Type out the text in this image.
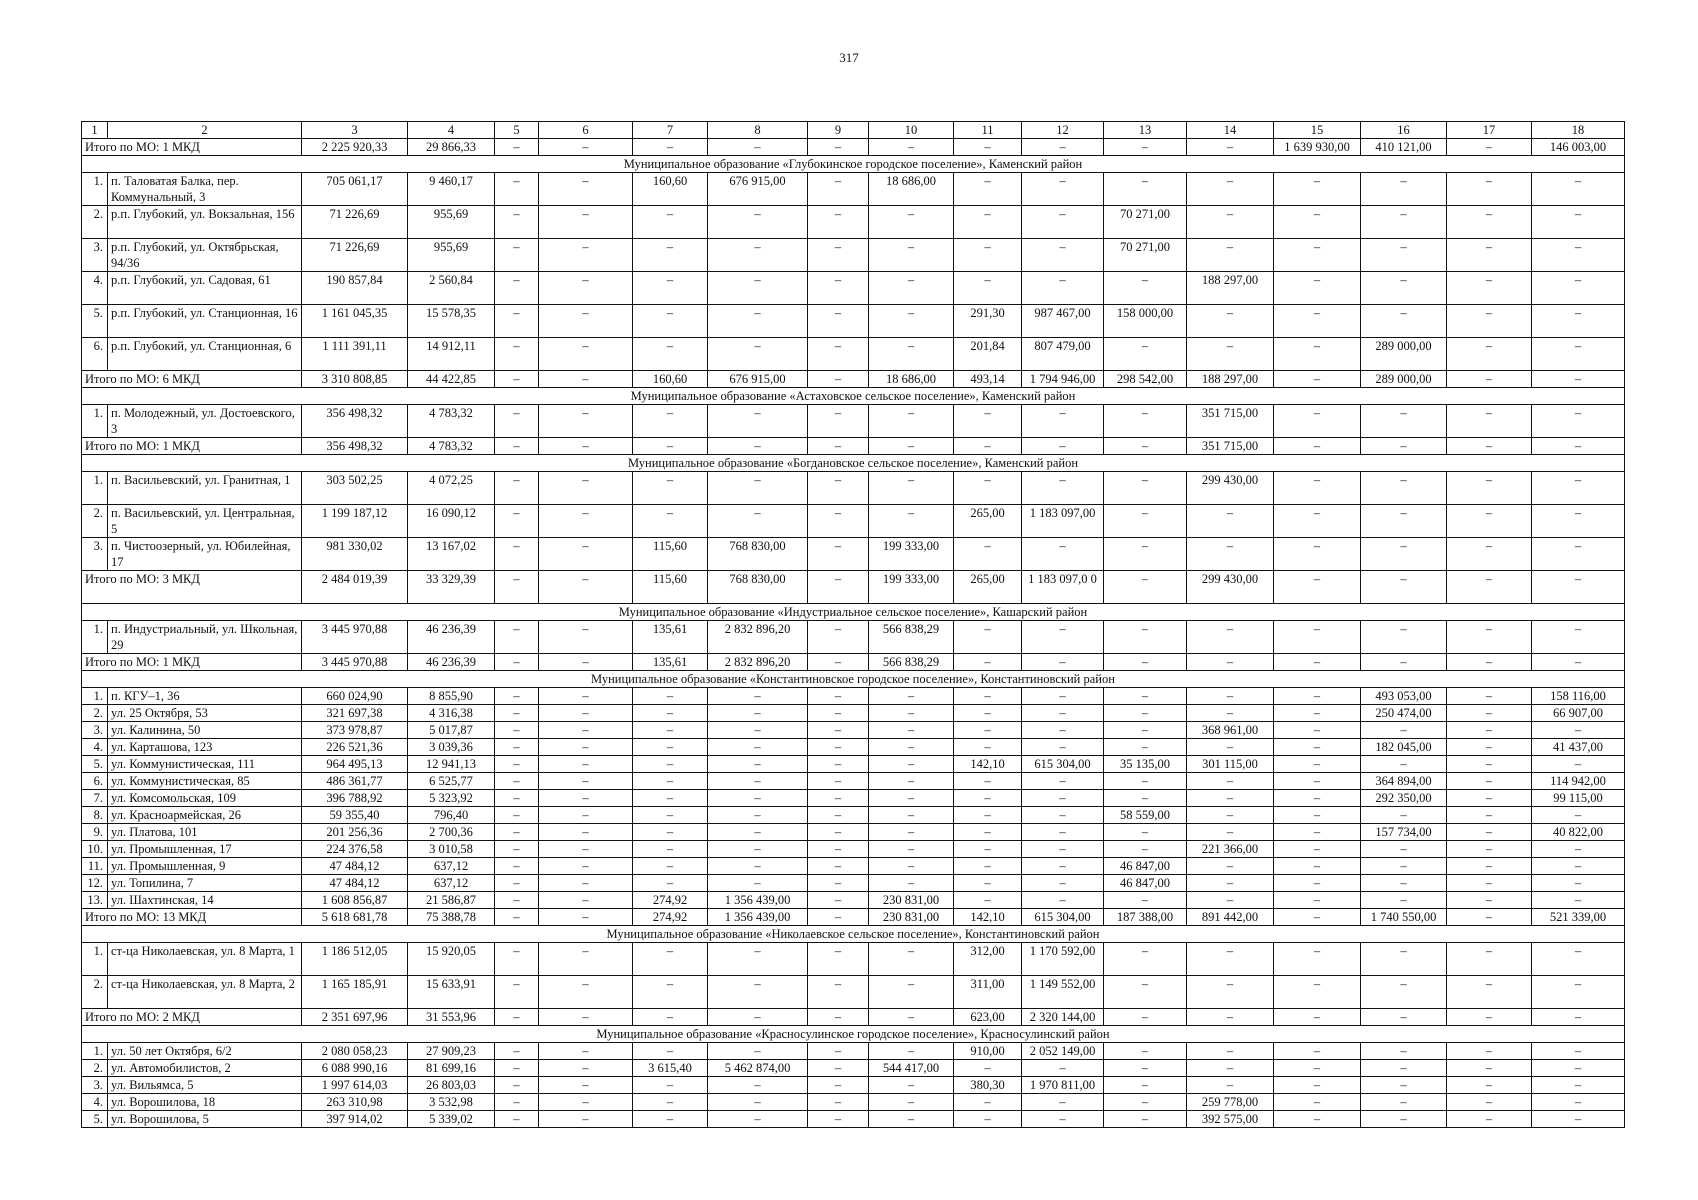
317
1	2	3	4	5	6	7	8	9	10	11	12	13	14	15	16	17	18
Итого по МО: 1 МКД		2 225 920,33	29 866,33	–	–	–	–	–	–	–	–	–	–	1 639 930,00	410 121,00	–	146 003,00
Муниципальное образование «Глубокинское городское поселение», Каменский район																	
1.	п. Таловатая Балка, пер. Коммунальный, 3	705 061,17	9 460,17	–	–	160,60	676 915,00	–	18 686,00	–	–	–	–	–	–	–	–
2.	р.п. Глубокий, ул. Вокзальная, 156	71 226,69	955,69	–	–	–	–	–	–	–	–	70 271,00	–	–	–	–	–
3.	р.п. Глубокий, ул. Октябрьская, 94/36	71 226,69	955,69	–	–	–	–	–	–	–	–	70 271,00	–	–	–	–	–
4.	р.п. Глубокий, ул. Садовая, 61	190 857,84	2 560,84	–	–	–	–	–	–	–	–	–	188 297,00	–	–	–	–
5.	р.п. Глубокий, ул. Станционная, 16	1 161 045,35	15 578,35	–	–	–	–	–	–	291,30	987 467,00	158 000,00	–	–	–	–	–
6.	р.п. Глубокий, ул. Станционная, 6	1 111 391,11	14 912,11	–	–	–	–	–	–	201,84	807 479,00	–	–	–	289 000,00	–	–
Итого по МО: 6 МКД		3 310 808,85	44 422,85	–	–	160,60	676 915,00	–	18 686,00	493,14	1 794 946,00	298 542,00	188 297,00	–	289 000,00	–	–
Муниципальное образование «Астаховское сельское поселение», Каменский район																	
1.	п. Молодежный, ул. Достоевского, 3	356 498,32	4 783,32	–	–	–	–	–	–	–	–	–	351 715,00	–	–	–	–
Итого по МО: 1 МКД		356 498,32	4 783,32	–	–	–	–	–	–	–	–	–	351 715,00	–	–	–	–
Муниципальное образование «Богдановское сельское поселение», Каменский район																	
1.	п. Васильевский, ул. Гранитная, 1	303 502,25	4 072,25	–	–	–	–	–	–	–	–	–	299 430,00	–	–	–	–
2.	п. Васильевский, ул. Центральная, 5	1 199 187,12	16 090,12	–	–	–	–	–	–	265,00	1 183 097,00	–	–	–	–	–	–
3.	п. Чистоозерный, ул. Юбилейная, 17	981 330,02	13 167,02	–	–	115,60	768 830,00	–	199 333,00	–	–	–	–	–	–	–	–
Итого по МО: 3 МКД		2 484 019,39	33 329,39	–	–	115,60	768 830,00	–	199 333,00	265,00	1 183 097,0 0	–	299 430,00	–	–	–	–
Муниципальное образование «Индустриальное сельское поселение», Кашарский район																	
1.	п. Индустриальный, ул. Школьная, 29	3 445 970,88	46 236,39	–	–	135,61	2 832 896,20	–	566 838,29	–	–	–	–	–	–	–	–
Итого по МО: 1 МКД		3 445 970,88	46 236,39	–	–	135,61	2 832 896,20	–	566 838,29	–	–	–	–	–	–	–	–
Муниципальное образование «Константиновское городское поселение», Константиновский район																	
1.	п. КГУ–1, 36	660 024,90	8 855,90	–	–	–	–	–	–	–	–	–	–	–	493 053,00	–	158 116,00
2.	ул. 25 Октября, 53	321 697,38	4 316,38	–	–	–	–	–	–	–	–	–	–	–	250 474,00	–	66 907,00
3.	ул. Калинина, 50	373 978,87	5 017,87	–	–	–	–	–	–	–	–	–	368 961,00	–	–	–	–
4.	ул. Карташова, 123	226 521,36	3 039,36	–	–	–	–	–	–	–	–	–	–	–	182 045,00	–	41 437,00
5.	ул. Коммунистическая, 111	964 495,13	12 941,13	–	–	–	–	–	–	142,10	615 304,00	35 135,00	301 115,00	–	–	–	–
6.	ул. Коммунистическая, 85	486 361,77	6 525,77	–	–	–	–	–	–	–	–	–	–	–	364 894,00	–	114 942,00
7.	ул. Комсомольская, 109	396 788,92	5 323,92	–	–	–	–	–	–	–	–	–	–	–	292 350,00	–	99 115,00
8.	ул. Красноармейская, 26	59 355,40	796,40	–	–	–	–	–	–	–	–	58 559,00	–	–	–	–	–
9.	ул. Платова, 101	201 256,36	2 700,36	–	–	–	–	–	–	–	–	–	–	–	157 734,00	–	40 822,00
10.	ул. Промышленная, 17	224 376,58	3 010,58	–	–	–	–	–	–	–	–	–	221 366,00	–	–	–	–
11.	ул. Промышленная, 9	47 484,12	637,12	–	–	–	–	–	–	–	–	46 847,00	–	–	–	–	–
12.	ул. Топилина, 7	47 484,12	637,12	–	–	–	–	–	–	–	–	46 847,00	–	–	–	–	–
13.	ул. Шахтинская, 14	1 608 856,87	21 586,87	–	–	274,92	1 356 439,00	–	230 831,00	–	–	–	–	–	–	–	–
Итого по МО: 13 МКД		5 618 681,78	75 388,78	–	–	274,92	1 356 439,00	–	230 831,00	142,10	615 304,00	187 388,00	891 442,00	–	1 740 550,00	–	521 339,00
Муниципальное образование «Николаевское сельское поселение», Константиновский район																	
1.	ст-ца Николаевская, ул. 8 Марта, 1	1 186 512,05	15 920,05	–	–	–	–	–	–	312,00	1 170 592,00	–	–	–	–	–	–
2.	ст-ца Николаевская, ул. 8 Марта, 2	1 165 185,91	15 633,91	–	–	–	–	–	–	311,00	1 149 552,00	–	–	–	–	–	–
Итого по МО: 2 МКД		2 351 697,96	31 553,96	–	–	–	–	–	–	623,00	2 320 144,00	–	–	–	–	–	–
Муниципальное образование «Красносулинское городское поселение», Красносулинский район																	
1.	ул. 50 лет Октября, 6/2	2 080 058,23	27 909,23	–	–	–	–	–	–	910,00	2 052 149,00	–	–	–	–	–	–
2.	ул. Автомобилистов, 2	6 088 990,16	81 699,16	–	–	3 615,40	5 462 874,00	–	544 417,00	–	–	–	–	–	–	–	–
3.	ул. Вильямса, 5	1 997 614,03	26 803,03	–	–	–	–	–	–	380,30	1 970 811,00	–	–	–	–	–	–
4.	ул. Ворошилова, 18	263 310,98	3 532,98	–	–	–	–	–	–	–	–	–	259 778,00	–	–	–	–
5.	ул. Ворошилова, 5	397 914,02	5 339,02	–	–	–	–	–	–	–	–	–	392 575,00	–	–	–	–
